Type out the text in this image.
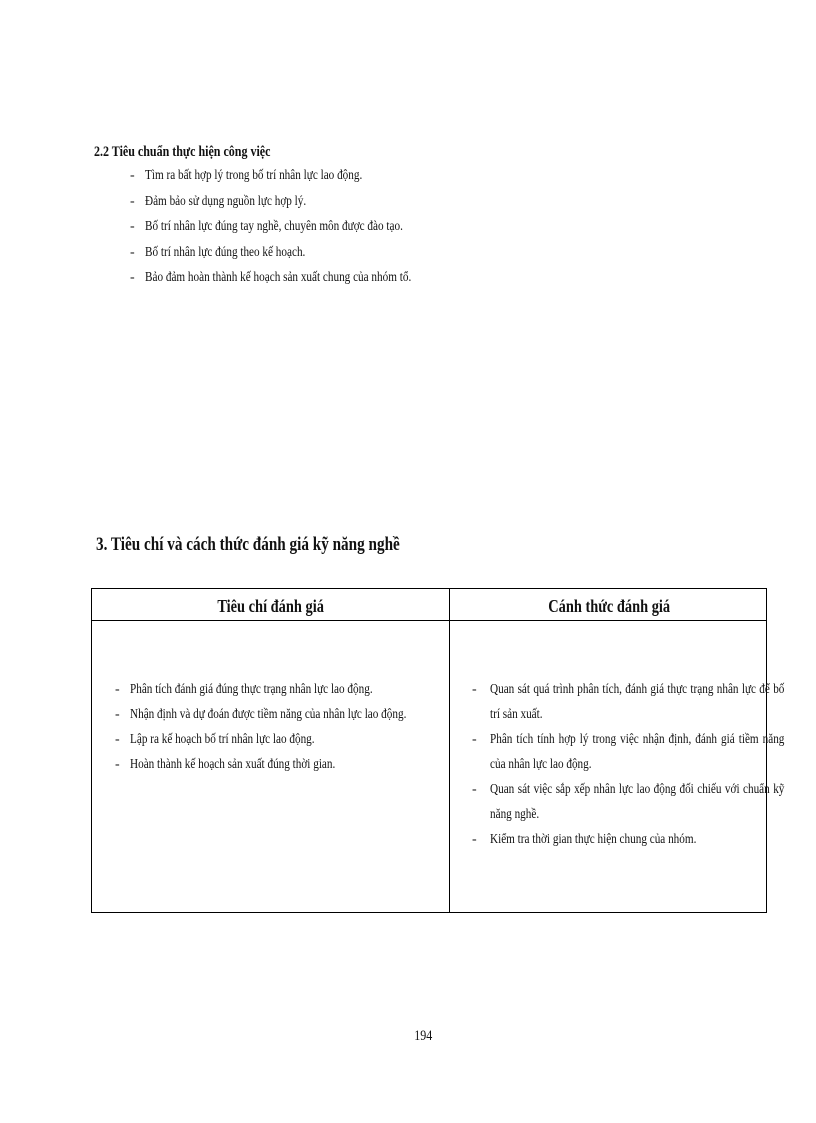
2.2 Tiêu chuẩn thực hiện công việc
- Tìm ra bất hợp lý trong bố trí nhân lực lao động.
- Đảm bảo sử dụng nguồn lực hợp lý.
- Bố trí nhân lực đúng tay nghề, chuyên môn được đào tạo.
- Bố trí nhân lực đúng theo kế hoạch.
- Bảo đảm hoàn thành kế hoạch sản xuất chung của nhóm tổ.
3. Tiêu chí và cách thức đánh giá kỹ năng nghề
Tiêu chí đánh giá	Cánh thức đánh giá
- Phân tích đánh giá đúng thực trạng nhân lực lao động.
- Nhận định và dự đoán được tiềm năng của nhân lực lao động.
- Lập ra kế hoạch bố trí nhân lực lao động.
- Hoàn thành kế hoạch sản xuất đúng thời gian.
- Quan sát quá trình phân tích, đánh giá thực trạng nhân lực để bố trí sản xuất.
- Phân tích tính hợp lý trong việc nhận định, đánh giá tiềm năng của nhân lực lao động.
- Quan sát việc sắp xếp nhân lực lao động đối chiếu với chuẩn kỹ năng nghề.
- Kiểm tra thời gian thực hiện chung của nhóm.
194
